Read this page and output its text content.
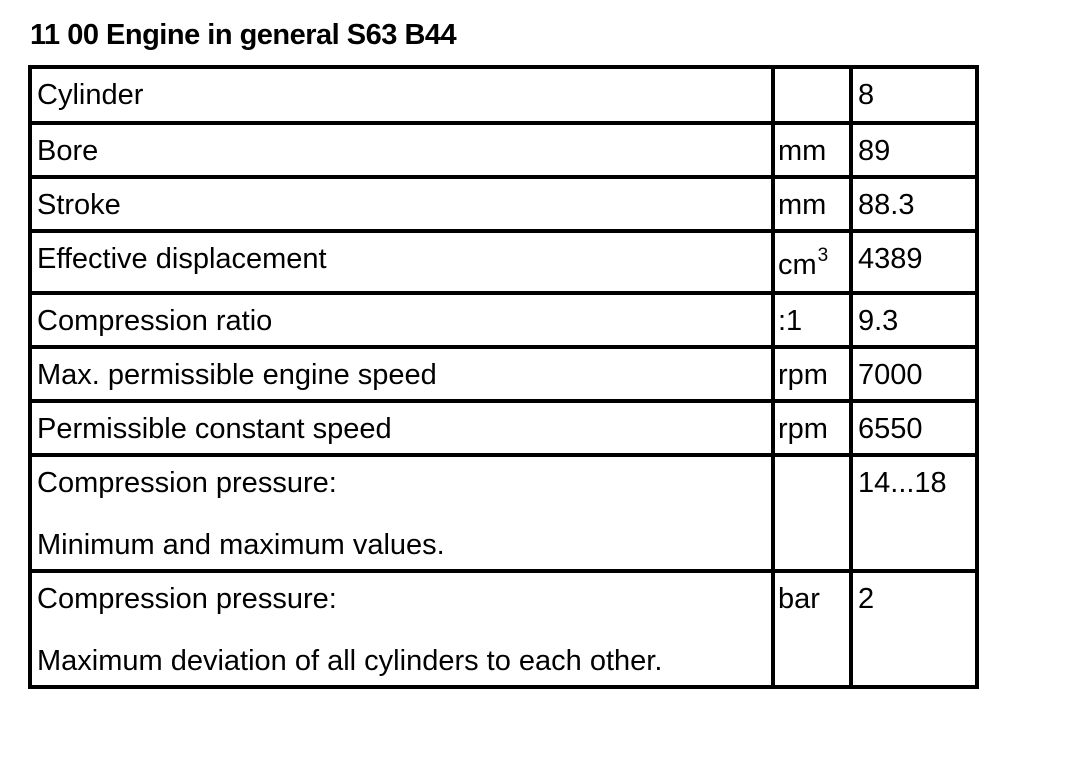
11 00 Engine in general S63 B44
Cylinder		8
Bore	mm	89
Stroke	mm	88.3
Effective displacement	$cm^3$	4389
Compression ratio	:1	9.3
Max. permissible engine speed	rpm	7000
Permissible constant speed	rpm	6550
Compression pressure:
Minimum and maximum values.		14...18
Compression pressure:
Maximum deviation of all cylinders to each other.	bar	2
